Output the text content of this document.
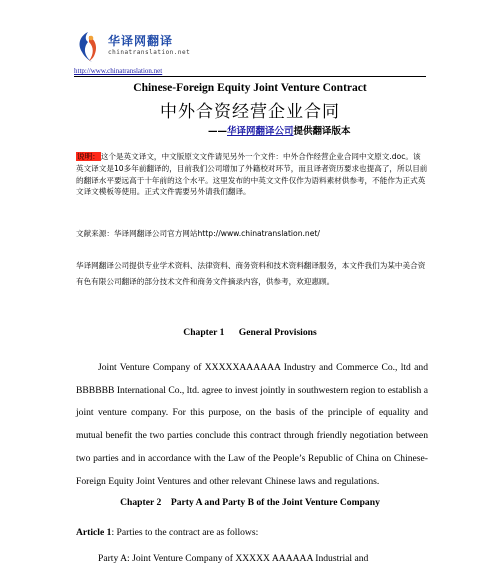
华译网翻译
chinatranslation.net
http://www.chinatranslation.net
Chinese-Foreign Equity Joint Venture Contract
中外合资经营企业合同
——华译网翻译公司提供翻译版本
说明：这个是英文译文，中文版原文文件请见另外一个文件：中外合作经营企业合同中文原文.doc。该英文译文是10多年前翻译的，目前我们公司增加了外籍校对环节，而且译者资历要求也提高了，所以目前的翻译水平要远高于十年前的这个水平。这里发布的中英文文件仅作为语料素材供参考，不能作为正式英文译文模板等使用。正式文件需要另外请我们翻译。
文献来源：华译网翻译公司官方网站http://www.chinatranslation.net/
华译网翻译公司提供专业学术资料、法律资料、商务资料和技术资料翻译服务，本文件我们为某中美合资有色有限公司翻译的部分技术文件和商务文件摘录内容，供参考，欢迎惠顾。
Chapter 1      General Provisions
Joint Venture Company of XXXXXAAAAAA Industry and Commerce Co., ltd and BBBBBB International Co., ltd. agree to invest jointly in southwestern region to establish a joint venture company. For this purpose, on the basis of the principle of equality and mutual benefit the two parties conclude this contract through friendly negotiation between two parties and in accordance with the Law of the People’s Republic of China on Chinese-Foreign Equity Joint Ventures and other relevant Chinese laws and regulations.
Chapter 2    Party A and Party B of the Joint Venture Company
Article 1: Parties to the contract are as follows:
Party A: Joint Venture Company of XXXXX AAAAAA Industrial and
